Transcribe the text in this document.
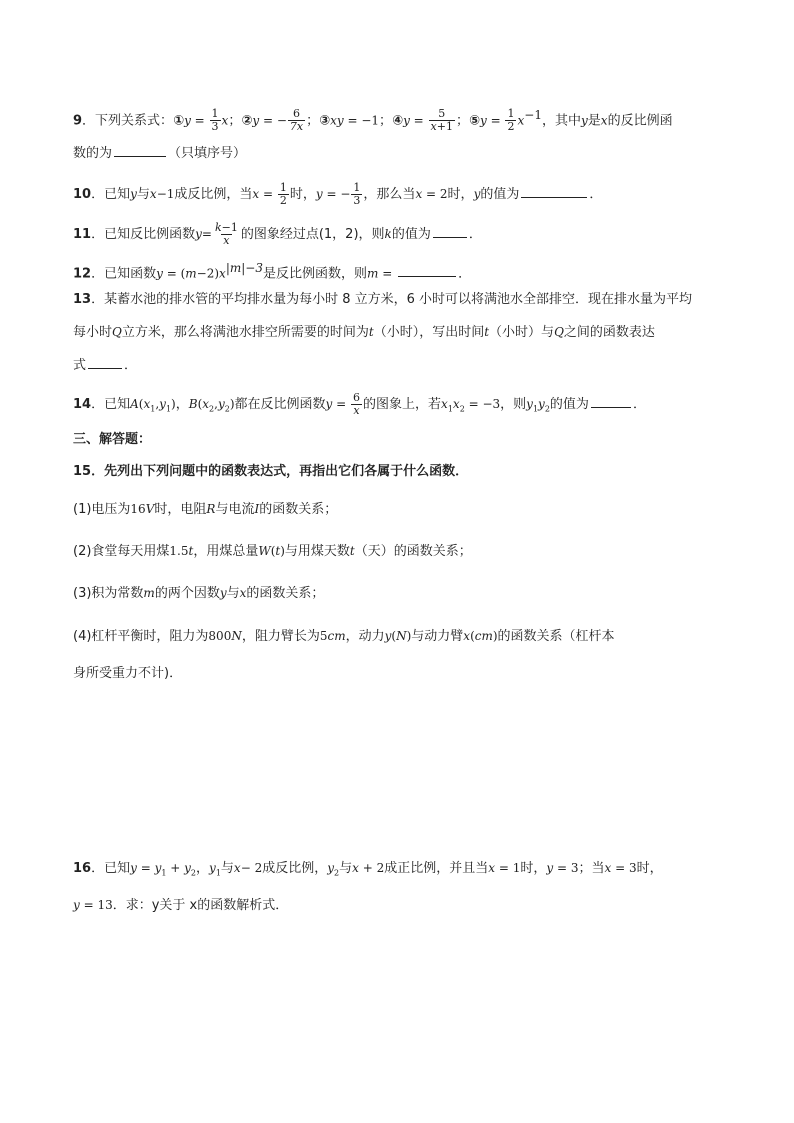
9．下列关系式：①y = $\frac{1}{3}$ x；②y = − $\frac{6}{7x}$ ；③xy = −1；④y = $\frac{5}{x+1}$ ；⑤y = $\frac{1}{2} x^{-1}$，其中y是x的反比例函
数的为	（只填序号）
10．已知y与x−1成反比例，当$x = \frac{1}{2}$ 时，y = − $\frac{1}{3}$ ，那么当x = 2时，y的值为	．
11．已知反比例函数$y= \frac{k-1}{x}$ 的图象经过点(1，2)，则k的值为	．
12．已知函数$y = (m-2)x^{|m|-3}$是反比例函数，则m =	．
13．某蓄水池的排水管的平均排水量为每小时 8 立方米，6 小时可以将满池水全部排空．现在排水量为平均
每小时Q立方米，那么将满池水排空所需要的时间为t（小时），写出时间t（小时）与Q之间的函数表达
式	．
14．已知$A(x_1,y_1)$，$B(x_2,y_2)$都在反比例函数$y = \frac{6}{x}$ 的图象上，若$x_1x_2 = -3$，则$y_1y_2$的值为	．
三、解答题：
15．先列出下列问题中的函数表达式，再指出它们各属于什么函数．
(1)电压为16V时，电阻R与电流I的函数关系；
(2)食堂每天用煤1.5t，用煤总量W(t)与用煤天数t（天）的函数关系；
(3)积为常数m的两个因数y与x的函数关系；
(4)杠杆平衡时，阻力为800N，阻力臂长为5cm，动力y(N)与动力臂x(cm)的函数关系（杠杆本
身所受重力不计)．
16．已知$y = y_1 + y_2$，$y_1$与x− 2成反比例，$y_2$与x + 2成正比例，并且当x = 1时，y = 3；当x = 3时，
y = 13．求：y关于 x的函数解析式．
